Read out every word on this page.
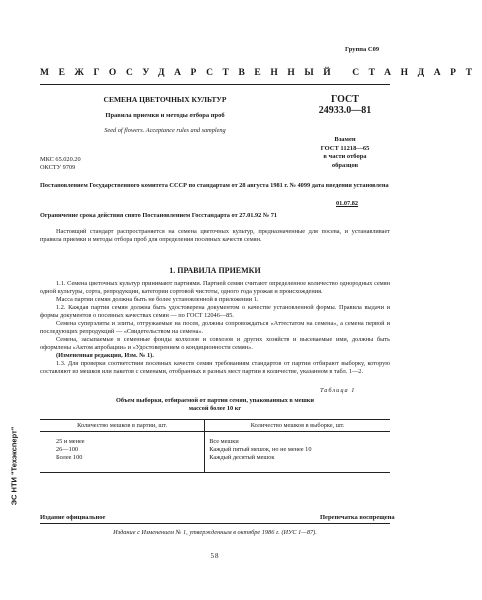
Группа С09
МЕЖГОСУДАРСТВЕННЫЙ СТАНДАРТ
СЕМЕНА ЦВЕТОЧНЫХ КУЛЬТУР
Правила приемки и методы отбора проб
Seed of flowers. Acceptance rules and sampleng
ГОСТ
24933.0—81
Взамен
ГОСТ 11218—65
в части отбора
образцов
МКС 65.020.20
ОКСТУ 9709
Постановлением Государственного комитета СССР по стандартам от 28 августа 1981 г. № 4099 дата введения установлена
01.07.82
Ограничение срока действия снято Постановлением Госстандарта от 27.01.92 № 71

Настоящий стандарт распространяется на семена цветочных культур, предназначенные для посева, и устанавливает правила приемки и методы отбора проб для определения посевных качеств семян.

1. ПРАВИЛА ПРИЕМКИ

1.1. Семена цветочных культур принимают партиями. Партией семян считают определенное количество однородных семян одной культуры, сорта, репродукции, категории сортовой чистоты, одного года урожая и происхождения.

Масса партии семян должна быть не более установленной в приложении 1.

1.2. Каждая партия семян должна быть удостоверена документом о качестве установленной формы. Правила выдачи и формы документов о посевных качествах семян — по ГОСТ 12046—85.

Семена суперэлиты и элиты, отгружаемые на посев, должны сопровождаться «Аттестатом на семена», а семена первой и последующих репродукций — «Свидетельством на семена».

Семена, засыпаемые в семенные фонды колхозов и совхозов и других хозяйств и высеваемые ими, должны быть оформлены «Актом апробации» и «Удостоверением о кондиционности семян».

(Измененная редакция, Изм. № 1).

1.3. Для проверки соответствия посевных качеств семян требованиям стандартов от партии отбирают выборку, которую составляют из мешков или пакетов с семенами, отобранных в разных мест партии в количестве, указанном в табл. 1—2.

Таблица 1
Объем выборки, отбираемой от партии семян, упакованных в мешки
массой более 10 кг
Количество мешков в партии, шт.	Количество мешков в выборке, шт.
25 и менее	Все мешки
26—100	Каждый пятый мешок, но не менее 10
Более 100	Каждый десятый мешок
Издание официальное	Перепечатка воспрещена
Издание с Изменением № 1, утвержденным в октябре 1986 г. (ИУС 1—87).
58
ЭС НТИ "Техэксперт"
